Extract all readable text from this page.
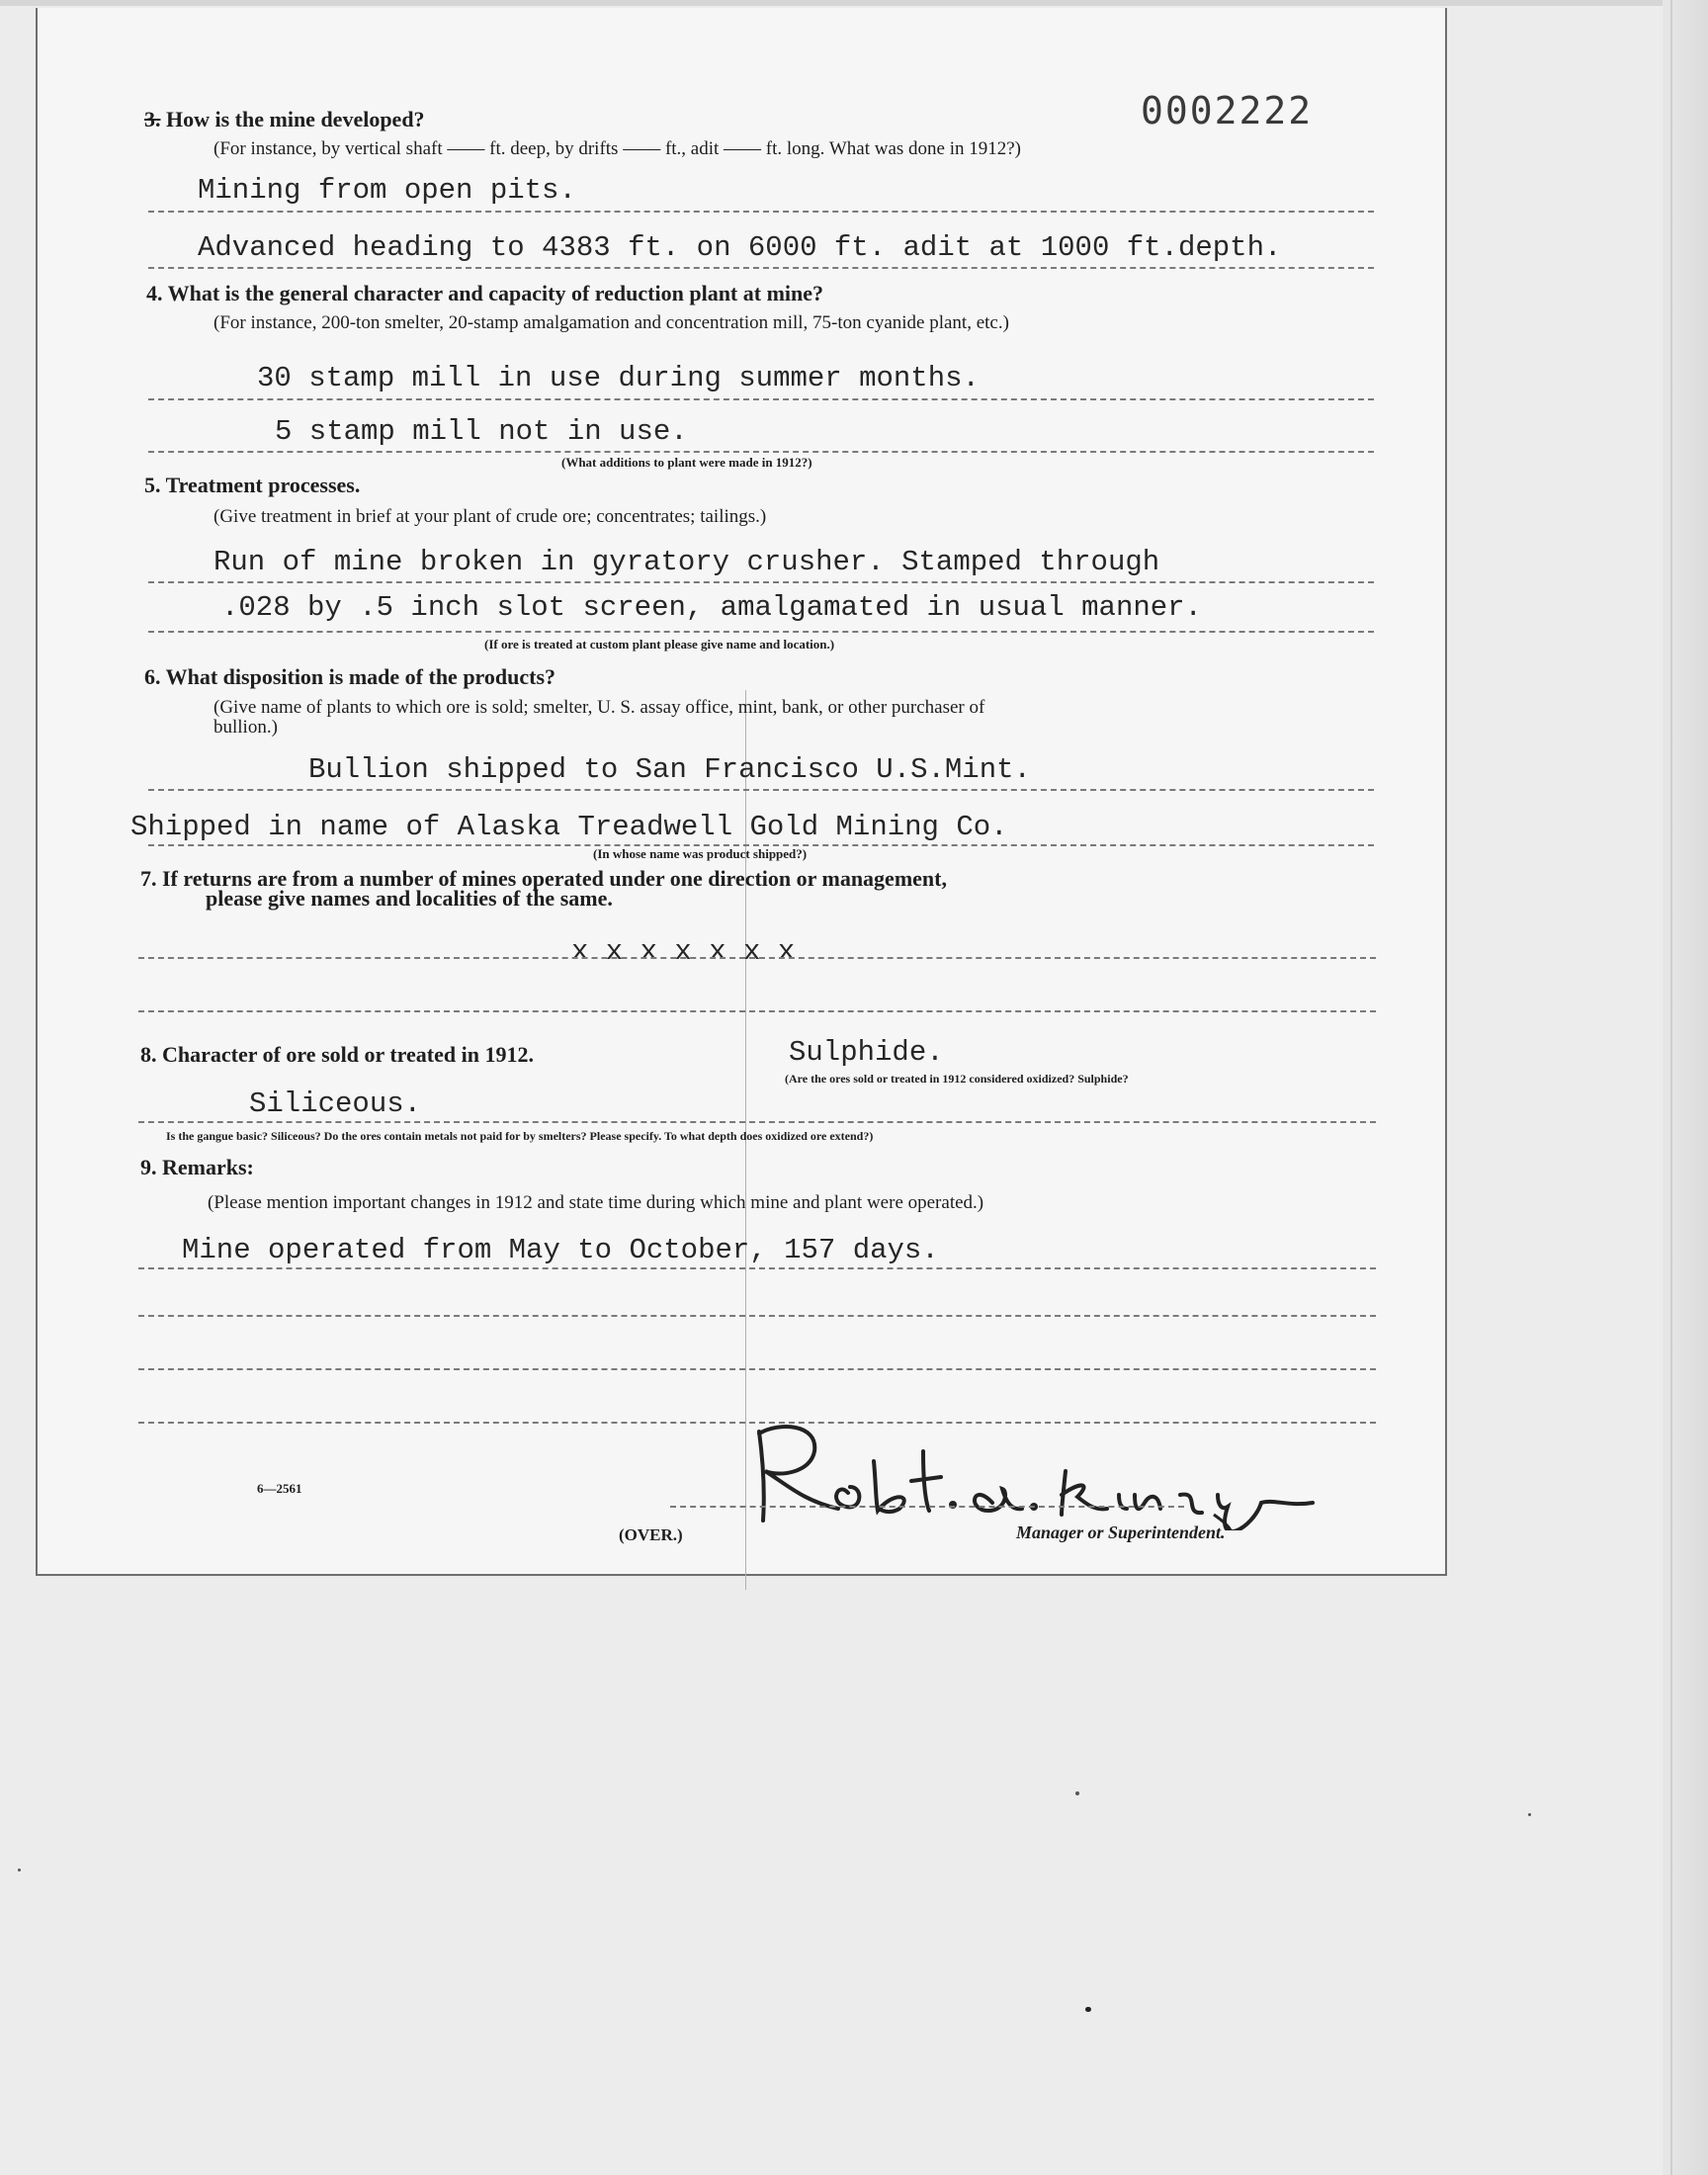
0002222
3. How is the mine developed?
(For instance, by vertical shaft —— ft. deep, by drifts —— ft., adit —— ft. long. What was done in 1912?)
Mining from open pits.
Advanced heading to 4383 ft. on 6000 ft. adit at 1000 ft.depth.
4. What is the general character and capacity of reduction plant at mine?
(For instance, 200-ton smelter, 20-stamp amalgamation and concentration mill, 75-ton cyanide plant, etc.)
30 stamp mill in use during summer months.
5 stamp mill not in use.
(What additions to plant were made in 1912?)
5. Treatment processes.
(Give treatment in brief at your plant of crude ore; concentrates; tailings.)
Run of mine broken in gyratory crusher. Stamped through
.028 by .5 inch slot screen, amalgamated in usual manner.
(If ore is treated at custom plant please give name and location.)
6. What disposition is made of the products?
(Give name of plants to which ore is sold; smelter, U. S. assay office, mint, bank, or other purchaser of
bullion.)
Bullion shipped to San Francisco U.S.Mint.
Shipped in name of Alaska Treadwell Gold Mining Co.
(In whose name was product shipped?)
7. If returns are from a number of mines operated under one direction or management,
please give names and localities of the same.
x x x x x x x
8. Character of ore sold or treated in 1912.	Sulphide.
(Are the ores sold or treated in 1912 considered oxidized? Sulphide?
Siliceous.
Is the gangue basic? Siliceous? Do the ores contain metals not paid for by smelters? Please specify. To what depth does oxidized ore extend?)
9. Remarks:
(Please mention important changes in 1912 and state time during which mine and plant were operated.)
Mine operated from May to October, 157 days.
6—2561
(OVER.)	Manager or Superintendent.
